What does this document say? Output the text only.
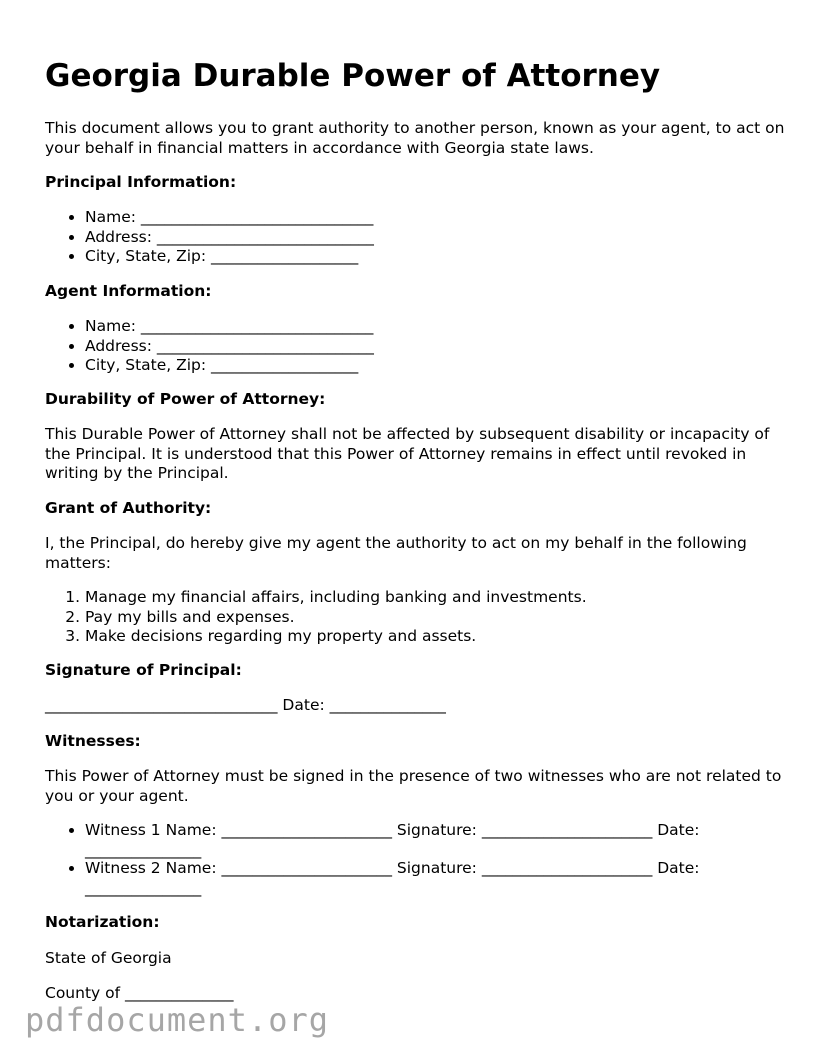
Georgia Durable Power of Attorney

This document allows you to grant authority to another person, known as your agent, to act on your behalf in financial matters in accordance with Georgia state laws.

Principal Information:

• Name: ______________________________
• Address: ____________________________
• City, State, Zip: ___________________

Agent Information:

• Name: ______________________________
• Address: ____________________________
• City, State, Zip: ___________________

Durability of Power of Attorney:

This Durable Power of Attorney shall not be affected by subsequent disability or incapacity of the Principal. It is understood that this Power of Attorney remains in effect until revoked in writing by the Principal.

Grant of Authority:

I, the Principal, do hereby give my agent the authority to act on my behalf in the following matters:

1. Manage my financial affairs, including banking and investments.
2. Pay my bills and expenses.
3. Make decisions regarding my property and assets.

Signature of Principal:

______________________________ Date: _______________

Witnesses:

This Power of Attorney must be signed in the presence of two witnesses who are not related to you or your agent.

• Witness 1 Name: ______________________ Signature: ______________________ Date: _______________
• Witness 2 Name: ______________________ Signature: ______________________ Date: _______________

Notarization:

State of Georgia

County of ______________

pdfdocument.org
